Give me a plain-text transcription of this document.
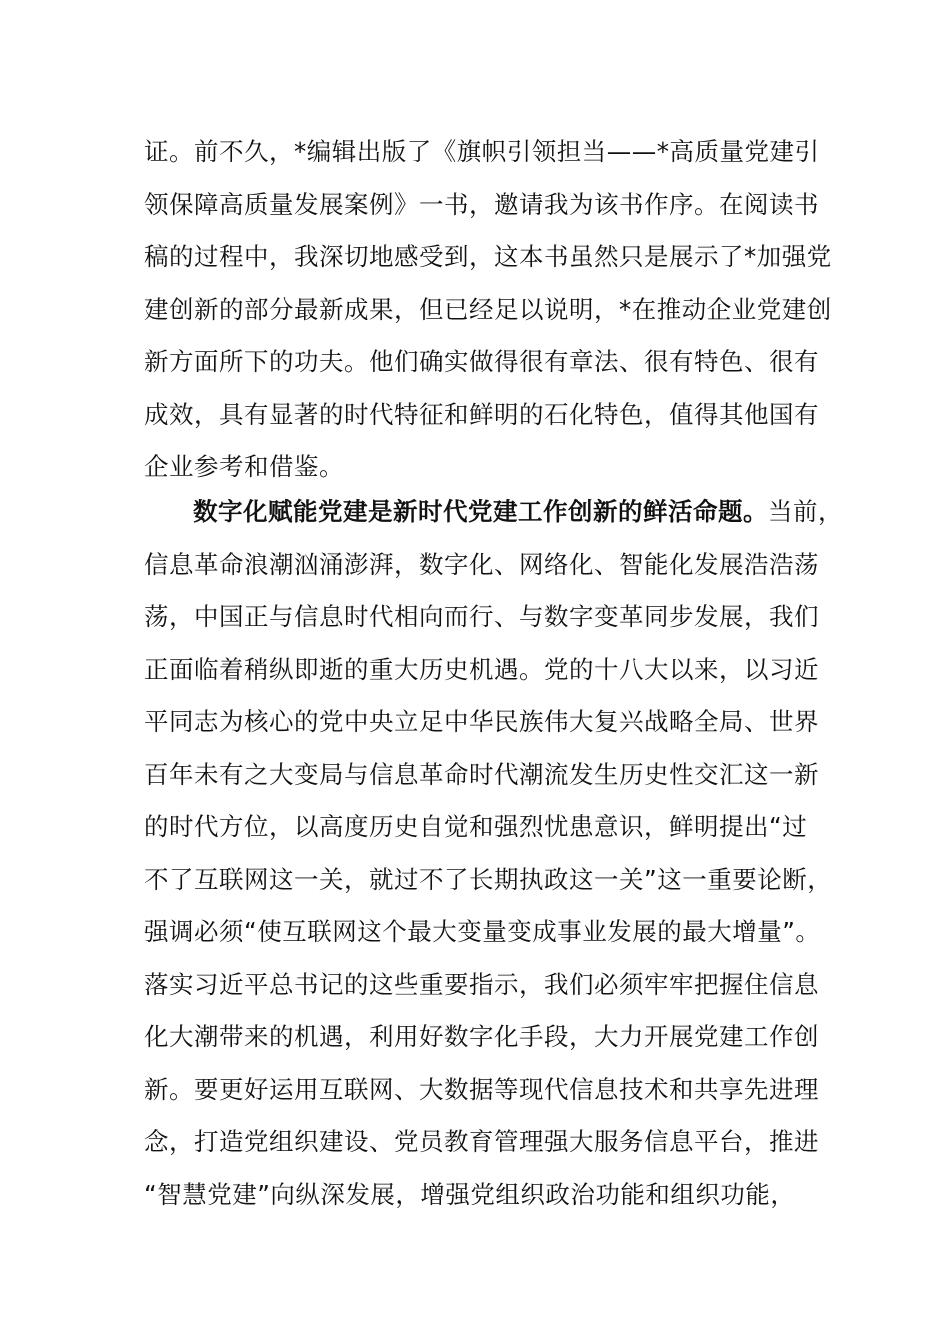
证。前不久，*编辑出版了《旗帜引领担当——*高质量党建引
领保障高质量发展案例》一书，邀请我为该书作序。在阅读书
稿的过程中，我深切地感受到，这本书虽然只是展示了*加强党
建创新的部分最新成果，但已经足以说明，*在推动企业党建创
新方面所下的功夫。他们确实做得很有章法、很有特色、很有
成效，具有显著的时代特征和鲜明的石化特色，值得其他国有
企业参考和借鉴。
数字化赋能党建是新时代党建工作创新的鲜活命题。当前，
信息革命浪潮汹涌澎湃，数字化、网络化、智能化发展浩浩荡
荡，中国正与信息时代相向而行、与数字变革同步发展，我们
正面临着稍纵即逝的重大历史机遇。党的十八大以来，以习近
平同志为核心的党中央立足中华民族伟大复兴战略全局、世界
百年未有之大变局与信息革命时代潮流发生历史性交汇这一新
的时代方位，以高度历史自觉和强烈忧患意识，鲜明提出“过
不了互联网这一关，就过不了长期执政这一关”这一重要论断，
强调必须“使互联网这个最大变量变成事业发展的最大增量”。
落实习近平总书记的这些重要指示，我们必须牢牢把握住信息
化大潮带来的机遇，利用好数字化手段，大力开展党建工作创
新。要更好运用互联网、大数据等现代信息技术和共享先进理
念，打造党组织建设、党员教育管理强大服务信息平台，推进
“智慧党建”向纵深发展，增强党组织政治功能和组织功能，
